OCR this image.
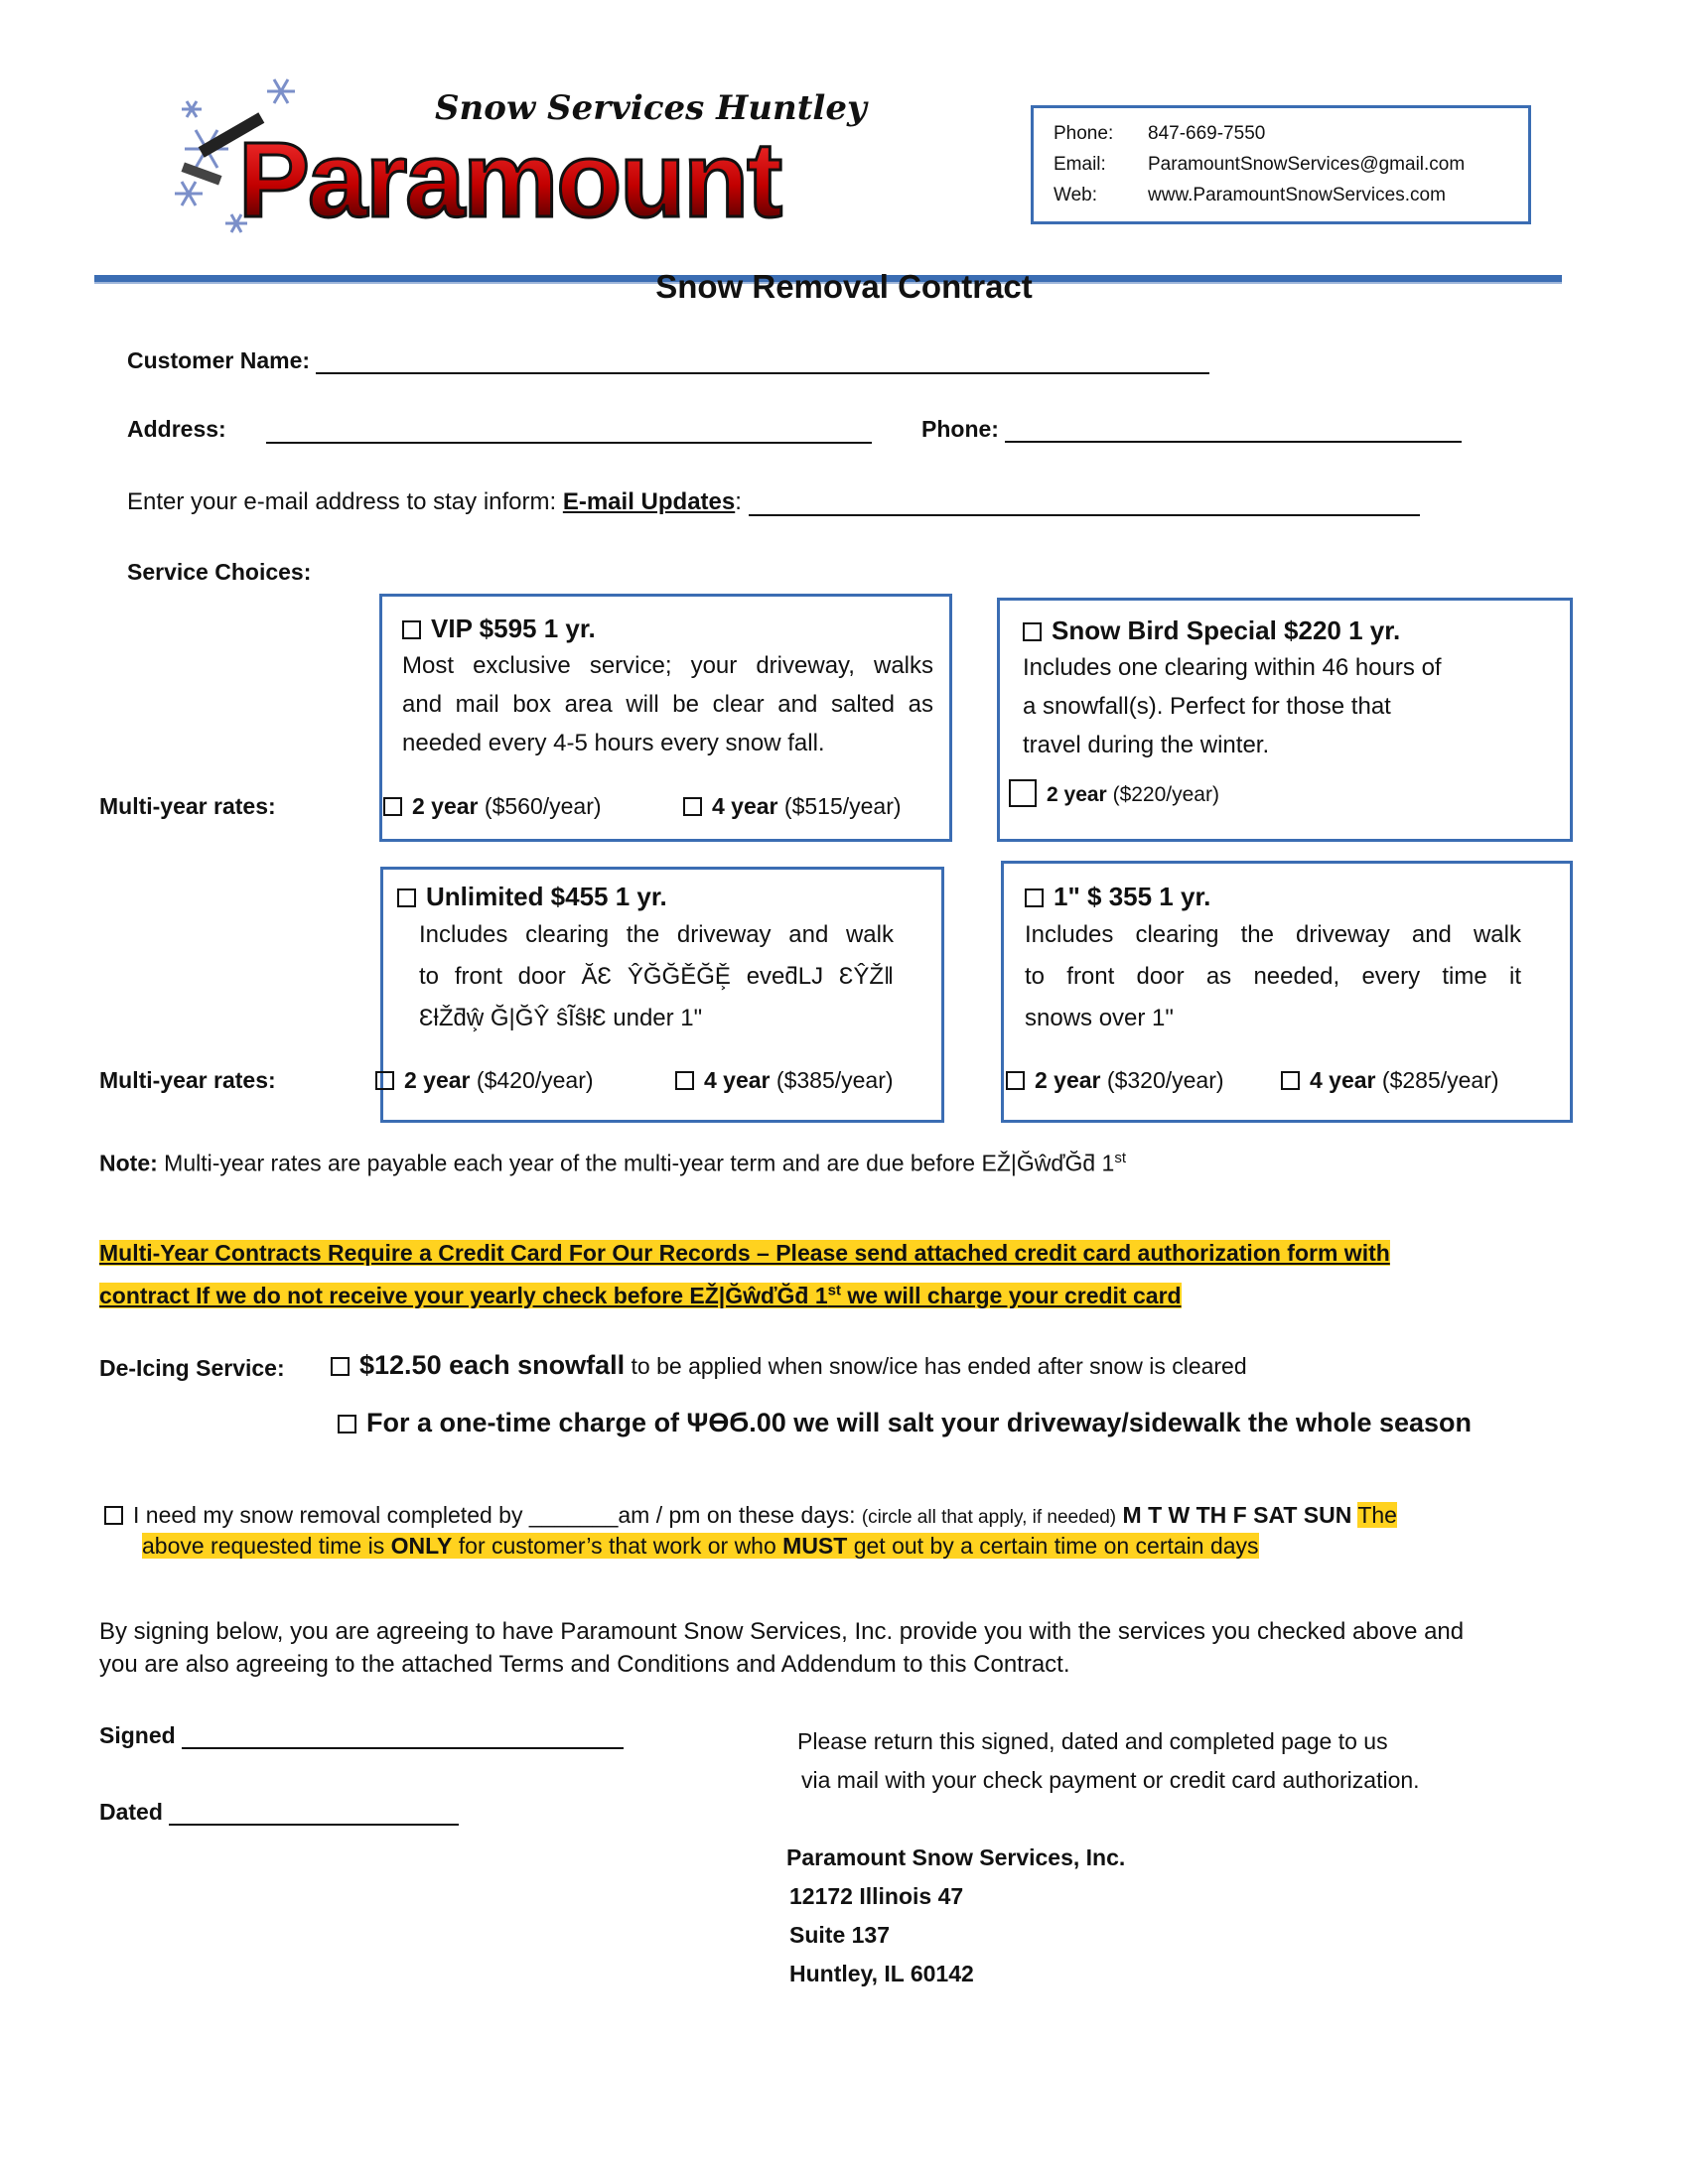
Snow Services Huntley
Paramount	Phone: 847-669-7550
Email: ParamountSnowServices@gmail.com
Web:	www.ParamountSnowServices.com
Snow Removal Contract
Customer Name:
Address:	Phone:
Enter your e-mail address to stay inform: E-mail Updates:
Service Choices:
VIP $595 1 yr.
Most exclusive service; your driveway, walks
and mail box area will be clear and salted as
needed every 4-5 hours every snow fall.
Snow Bird Special $220 1 yr.
Includes one clearing within 46 hours of
a snowfall(s). Perfect for those that
travel during the winter.
Multi-year rates:	2 year ($560/year)	4 year ($515/year)	2 year ($220/year)
Unlimited $455 1 yr.
Includes clearing the driveway and walk
to front door ĂƐ ŶĞĞĚĞĚ͕ eveƌLJ ƐŶŽǁ
ƐƚŽƌŵ͕ Ğ|ĞŶ ŝĨŝƚƐ under 1"
1" $ 355 1 yr.
Includes clearing the driveway and walk
to front door as needed, every time it
snows over 1"
Multi-year rates:	2 year ($420/year)	4 year ($385/year)	2 year ($320/year)	4 year ($285/year)
Note: Multi-year rates are payable each year of the multi-year term and are due before EŽ|ĞŵďĞƌ 1st
Multi-Year Contracts Require a Credit Card For Our Records – Please send attached credit card authorization form with
contract If we do not receive your yearly check before EŽ|ĞŵďĞƌ 1st we will charge your credit card
De-Icing Service:	$12.50 each snowfall to be applied when snow/ice has ended after snow is cleared
For a one-time charge of ΨϴϬ.00 we will salt your driveway/sidewalk the whole season
I need my snow removal completed by _______am / pm on these days: (circle all that apply, if needed) M T W TH F SAT SUN The
above requested time is ONLY for customer’s that work or who MUST get out by a certain time on certain days
By signing below, you are agreeing to have Paramount Snow Services, Inc. provide you with the services you checked above and
you are also agreeing to the attached Terms and Conditions and Addendum to this Contract.
Signed
Dated
Please return this signed, dated and completed page to us
via mail with your check payment or credit card authorization.
Paramount Snow Services, Inc.
12172 Illinois 47
Suite 137
Huntley, IL 60142
